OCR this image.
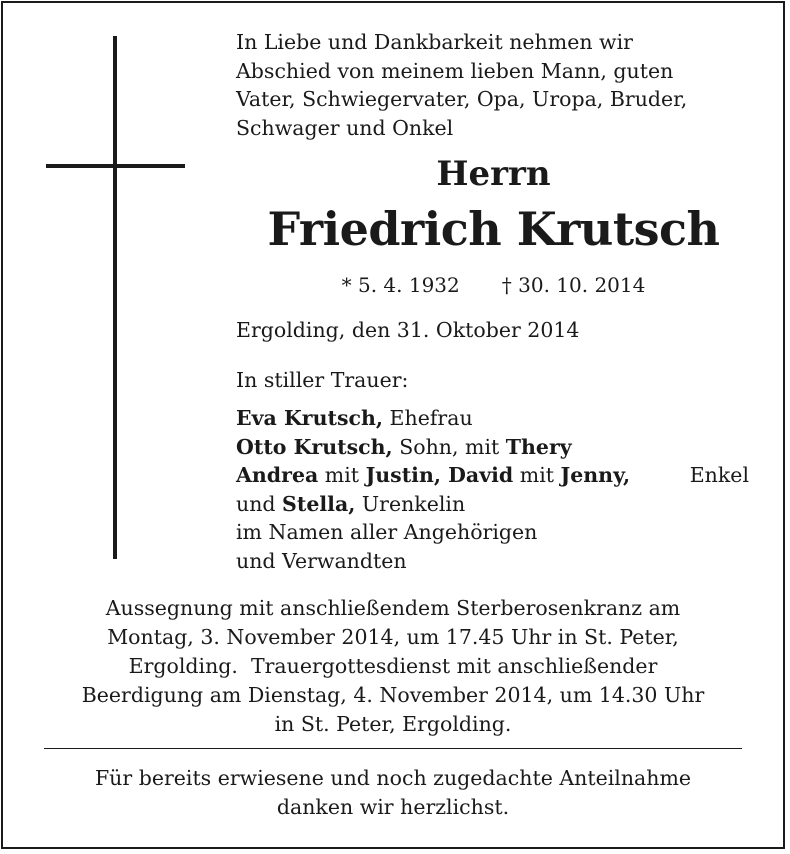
In Liebe und Dankbarkeit nehmen wir
Abschied von meinem lieben Mann, guten
Vater, Schwiegervater, Opa, Uropa, Bruder,
Schwager und Onkel
Herrn
Friedrich Krutsch
* 5. 4. 1932 † 30. 10. 2014
Ergolding, den 31. Oktober 2014
In stiller Trauer:
Eva Krutsch, Ehefrau
Otto Krutsch, Sohn, mit Thery
Andrea mit Justin, David mit Jenny,	Enkel
und Stella, Urenkelin
im Namen aller Angehörigen
und Verwandten
Aussegnung mit anschließendem Sterberosenkranz am
Montag, 3. November 2014, um 17.45 Uhr in St. Peter,
Ergolding.  Trauergottesdienst mit anschließender
Beerdigung am Dienstag, 4. November 2014, um 14.30 Uhr
in St. Peter, Ergolding.
Für bereits erwiesene und noch zugedachte Anteilnahme
danken wir herzlichst.
